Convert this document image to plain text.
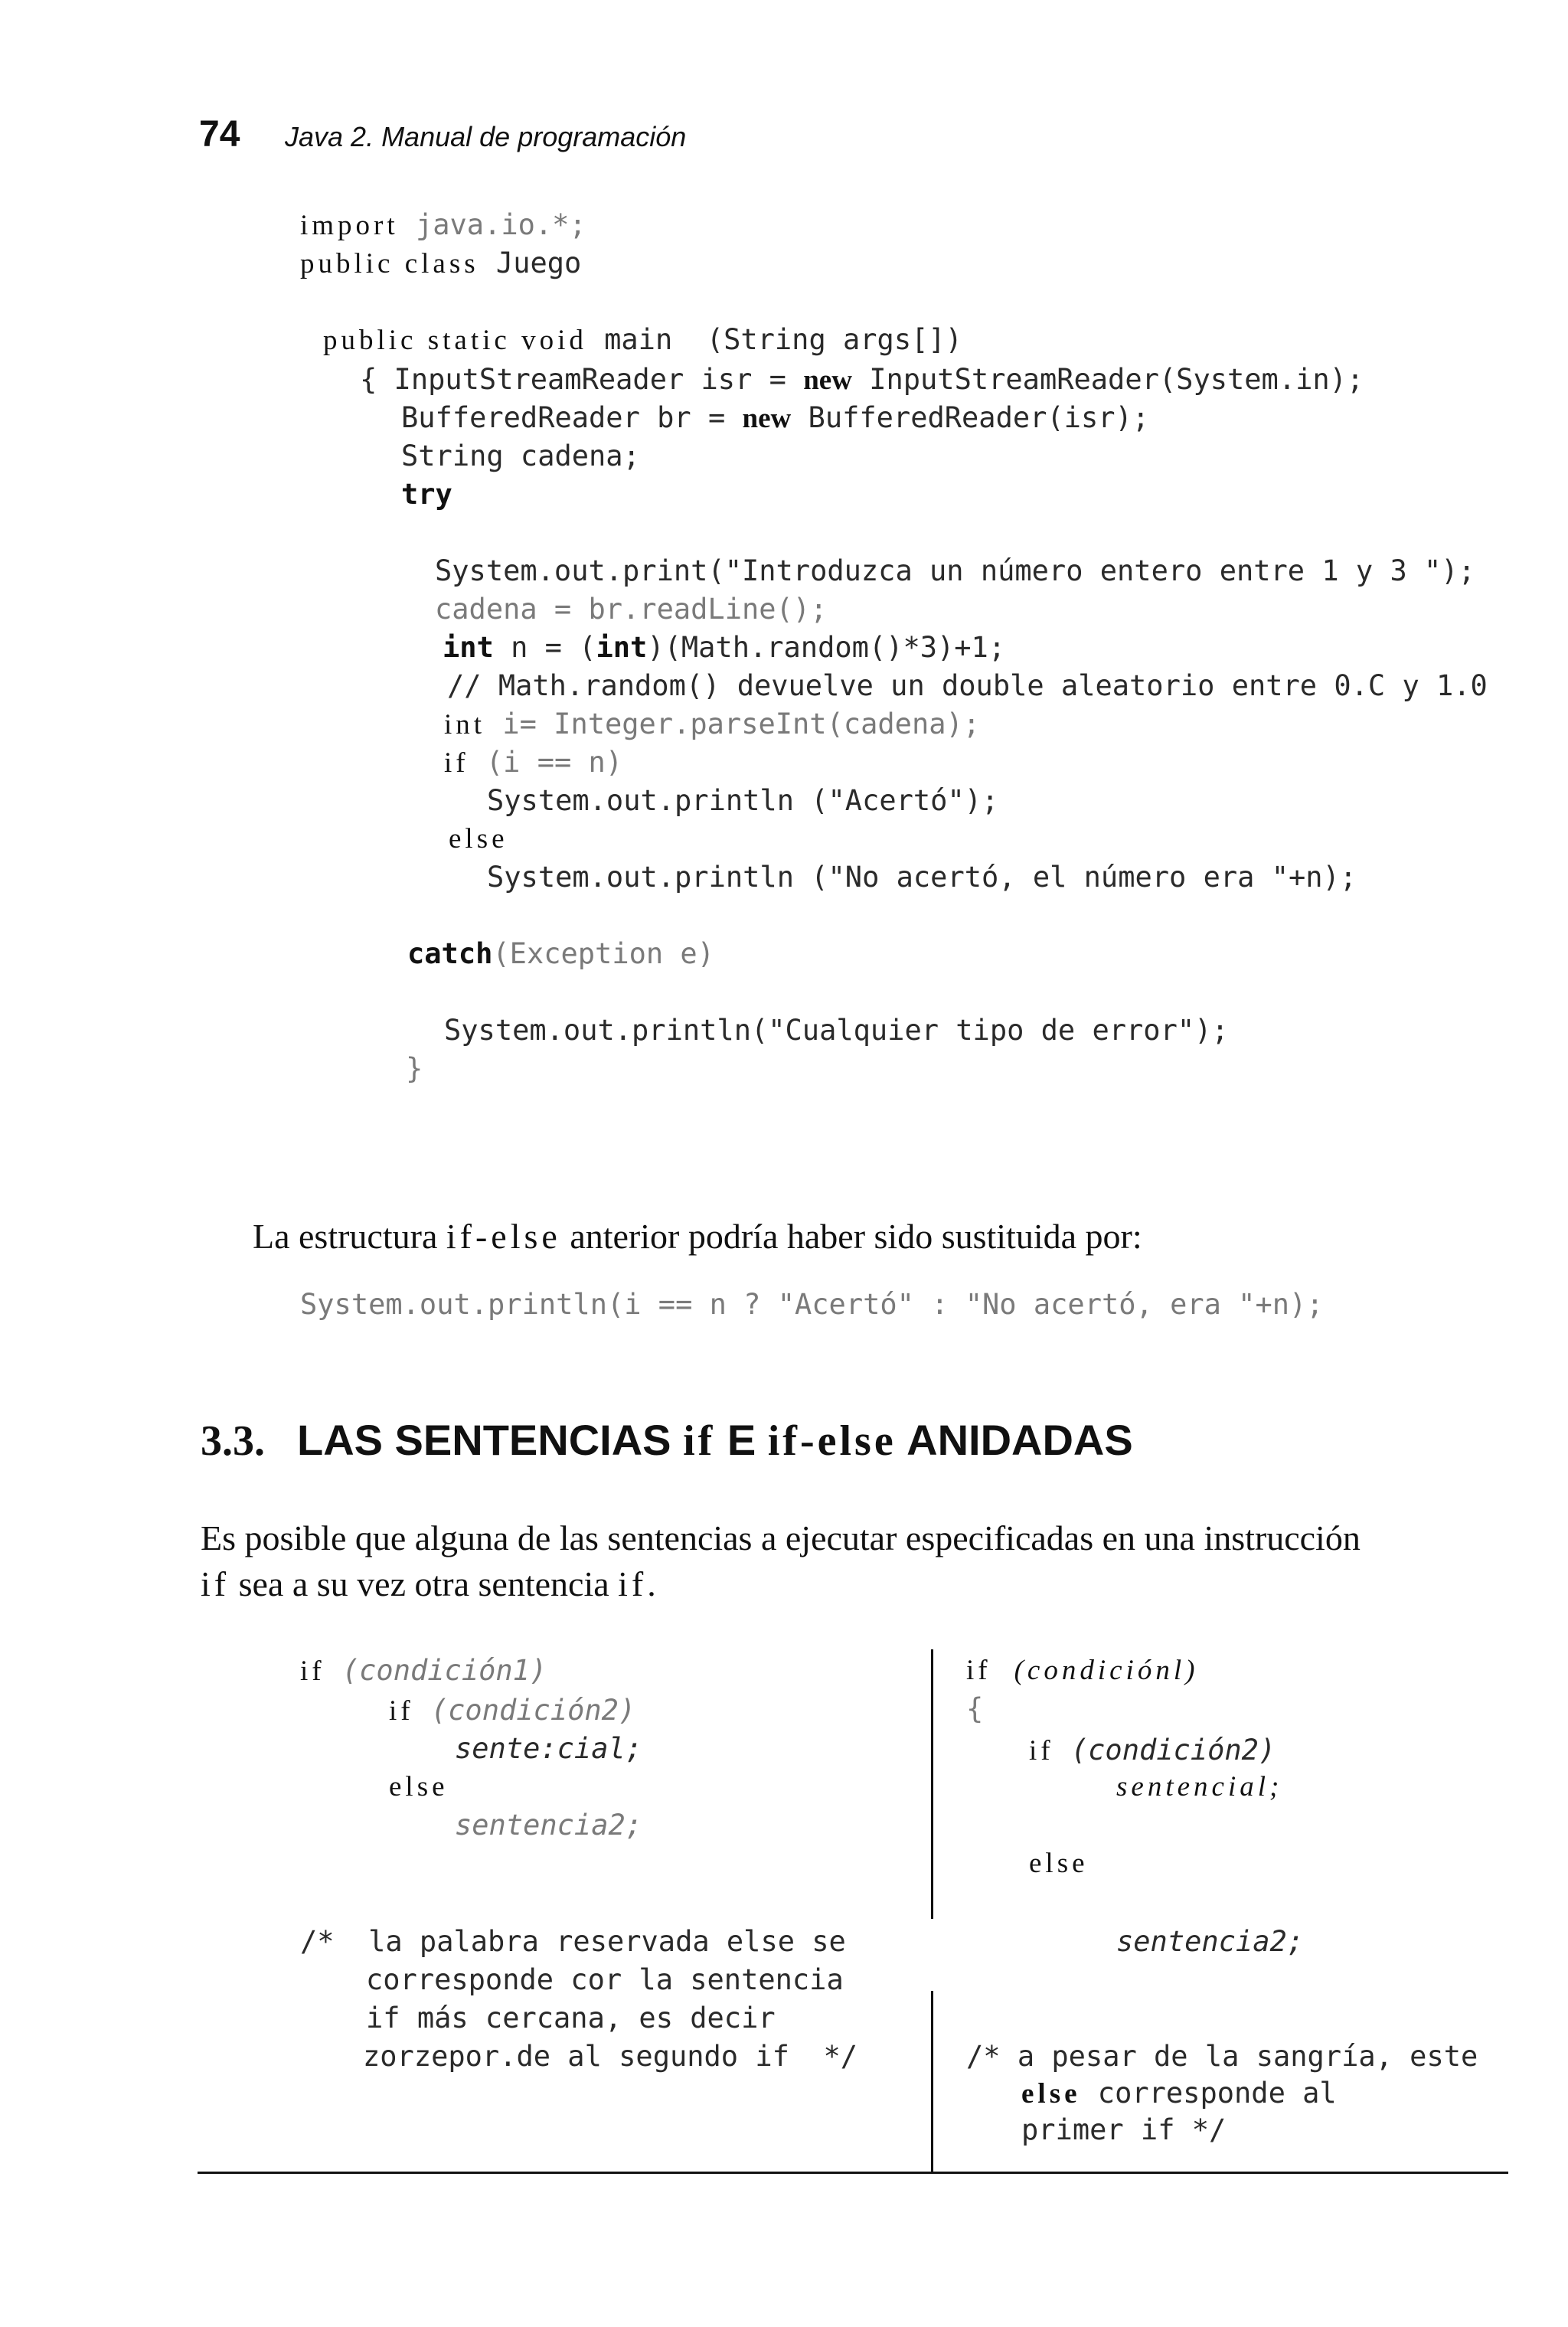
74 Java 2. Manual de programación
import java.io.*;
public class Juego
public static void main  (String args[])
{ InputStreamReader isr = new InputStreamReader(System.in);
BufferedReader br = new BufferedReader(isr);
String cadena;
try
System.out.print("Introduzca un número entero entre 1 y 3 ");
cadena = br.readLine();
int n = (int)(Math.random()*3)+1;
// Math.random() devuelve un double aleatorio entre 0.C y 1.0
int i= Integer.parseInt(cadena);
if (i == n)
System.out.println ("Acertó");
else
System.out.println ("No acertó, el número era "+n);
catch(Exception e)
System.out.println("Cualquier tipo de error");
}
La estructura if-else anterior podría haber sido sustituida por:
System.out.println(i == n ? "Acertó" : "No acertó, era "+n);
3.3. LAS SENTENCIAS if E if-else ANIDADAS
Es posible que alguna de las sentencias a ejecutar especificadas en una instrucción
if sea a su vez otra sentencia if.
if (condición1)
if (condición2)
sente:cial;
else
sentencia2;
/*  la palabra reservada else se
corresponde cor la sentencia
if más cercana, es decir
zorzepor.de al segundo if  */
if (condiciónl)
{
if (condición2)
sentencial;
else
sentencia2;
/* a pesar de la sangría, este
else corresponde al
primer if */
